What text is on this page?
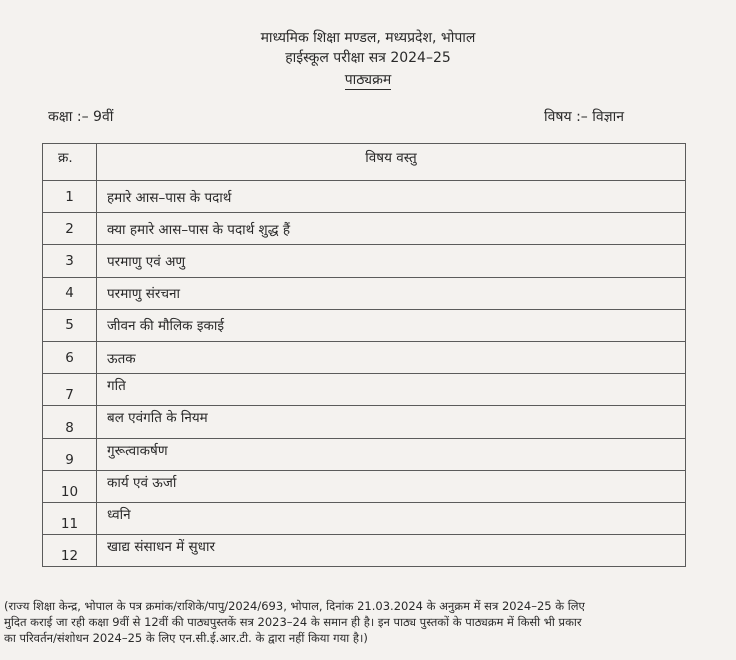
माध्यमिक शिक्षा मण्डल, मध्यप्रदेश, भोपाल
हाईस्कूल परीक्षा सत्र 2024–25
पाठ्यक्रम
कक्षा :– 9वीं	विषय :– विज्ञान
क्र.	विषय वस्तु
1	हमारे आस–पास के पदार्थ
2	क्या हमारे आस–पास के पदार्थ शुद्ध हैं
3	परमाणु एवं अणु
4	परमाणु संरचना
5	जीवन की मौलिक इकाई
6	ऊतक
7	गति
8	बल एवंगति के नियम
9	गुरूत्वाकर्षण
10	कार्य एवं ऊर्जा
11	ध्वनि
12	खाद्य संसाधन में सुधार

(राज्य शिक्षा केन्द्र, भोपाल के पत्र क्रमांक/राशिके/पापु/2024/693, भोपाल, दिनांक 21.03.2024 के अनुक्रम में सत्र 2024–25 के लिए

मुदित कराई जा रही कक्षा 9वीं से 12वीं की पाठ्यपुस्तकें सत्र 2023–24 के समान ही है। इन पाठ्य पुस्तकों के पाठ्यक्रम में किसी भी प्रकार

का परिवर्तन/संशोधन 2024–25 के लिए एन.सी.ई.आर.टी. के द्वारा नहीं किया गया है।)
